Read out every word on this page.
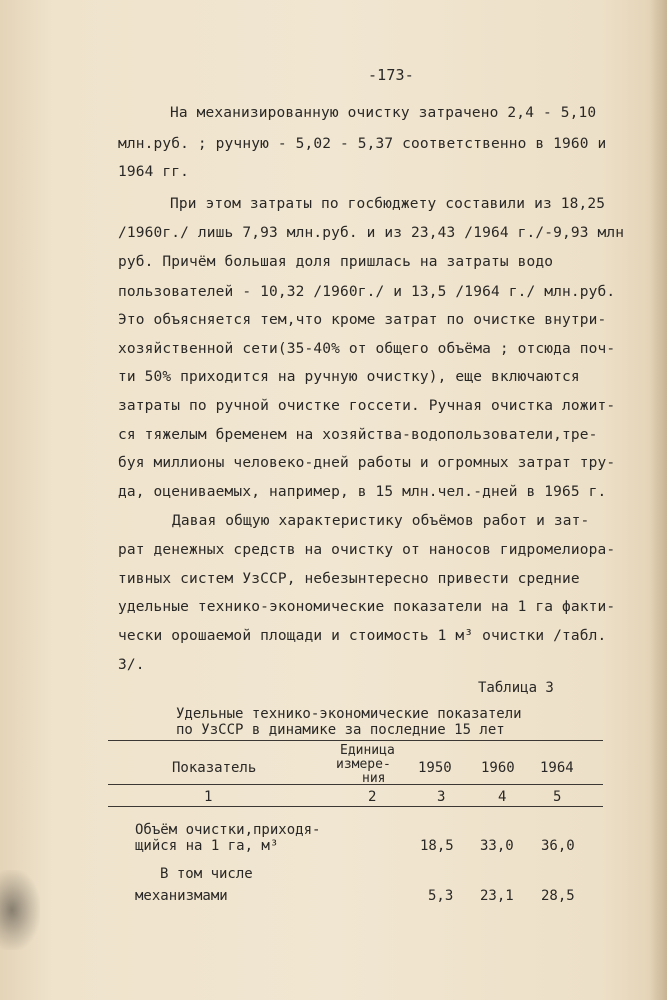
-173-
На механизированную очистку затрачено 2,4 - 5,10
млн.руб. ; ручную - 5,02 - 5,37 соответственно в 1960 и
1964 гг.
При этом затраты по госбюджету составили из 18,25
/1960г./ лишь 7,93 млн.руб. и из 23,43 /1964 г./-9,93 млн
руб. Причём большая доля пришлась на затраты водо
пользователей - 10,32 /1960г./ и 13,5 /1964 г./ млн.руб.
Это объясняется тем,что кроме затрат по очистке внутри-
хозяйственной сети(35-40% от общего объёма ; отсюда поч-
ти 50% приходится на ручную очистку), еще включаются
затраты по ручной очистке госсети. Ручная очистка ложит-
ся тяжелым бременем на хозяйства-водопользователи,тре-
буя миллионы человеко-дней работы и огромных затрат тру-
да, оцениваемых, например, в 15 млн.чел.-дней в 1965 г.
Давая общую характеристику объёмов работ и зат-
рат денежных средств на очистку от наносов гидромелиора-
тивных систем УзССР, небезынтересно привести средние
удельные технико-экономические показатели на 1 га факти-
чески орошаемой площади и стоимость 1 м³ очистки /табл.
3/.
Таблица 3
Удельные технико-экономические показатели
по УзССР в динамике за последние 15 лет
Показатель
Единица
измере-
ния
1950 1960 1964
1	2	3	4	5
Объём очистки,приходя-
щийся на 1 га, м³	18,5 33,0 36,0
В том числе
механизмами	5,3 23,1 28,5
